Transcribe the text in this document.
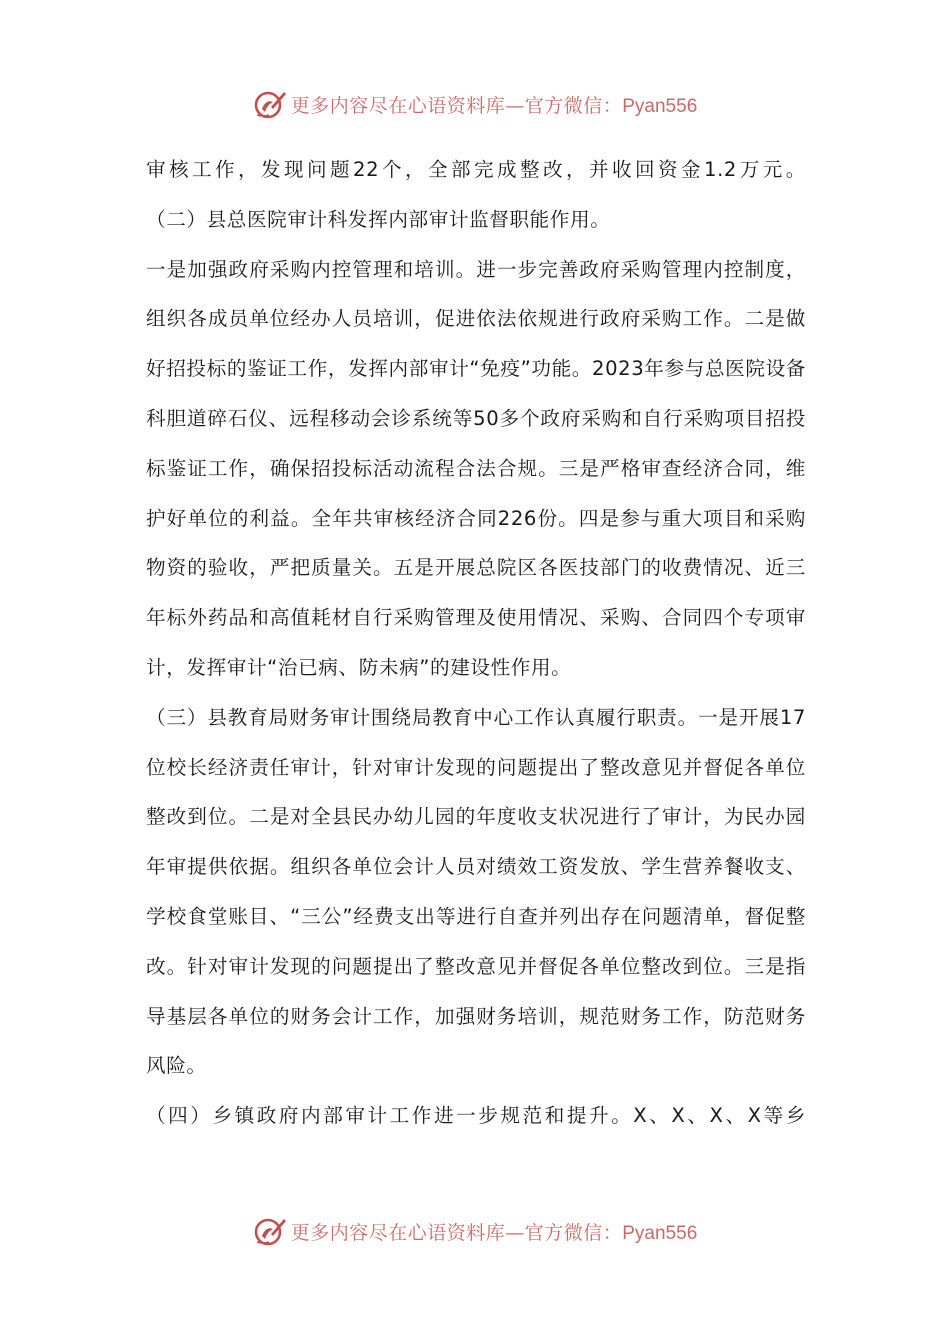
更多内容尽在心语资料库—官方微信：Pyan556

审核工作，发现问题22个，全部完成整改，并收回资金1.2万元。

（二）县总医院审计科发挥内部审计监督职能作用。

一是加强政府采购内控管理和培训。进一步完善政府采购管理内控制度，组织各成员单位经办人员培训，促进依法依规进行政府采购工作。二是做好招投标的鉴证工作，发挥内部审计“免疫”功能。2023年参与总医院设备科胆道碎石仪、远程移动会诊系统等50多个政府采购和自行采购项目招投标鉴证工作，确保招投标活动流程合法合规。三是严格审查经济合同，维护好单位的利益。全年共审核经济合同226份。四是参与重大项目和采购物资的验收，严把质量关。五是开展总院区各医技部门的收费情况、近三年标外药品和高值耗材自行采购管理及使用情况、采购、合同四个专项审计，发挥审计“治已病、防未病”的建设性作用。

（三）县教育局财务审计围绕局教育中心工作认真履行职责。一是开展17位校长经济责任审计，针对审计发现的问题提出了整改意见并督促各单位整改到位。二是对全县民办幼儿园的年度收支状况进行了审计，为民办园年审提供依据。组织各单位会计人员对绩效工资发放、学生营养餐收支、学校食堂账目、“三公”经费支出等进行自查并列出存在问题清单，督促整改。针对审计发现的问题提出了整改意见并督促各单位整改到位。三是指导基层各单位的财务会计工作，加强财务培训，规范财务工作，防范财务风险。

（四）乡镇政府内部审计工作进一步规范和提升。X、X、X、X等乡

更多内容尽在心语资料库—官方微信：Pyan556
